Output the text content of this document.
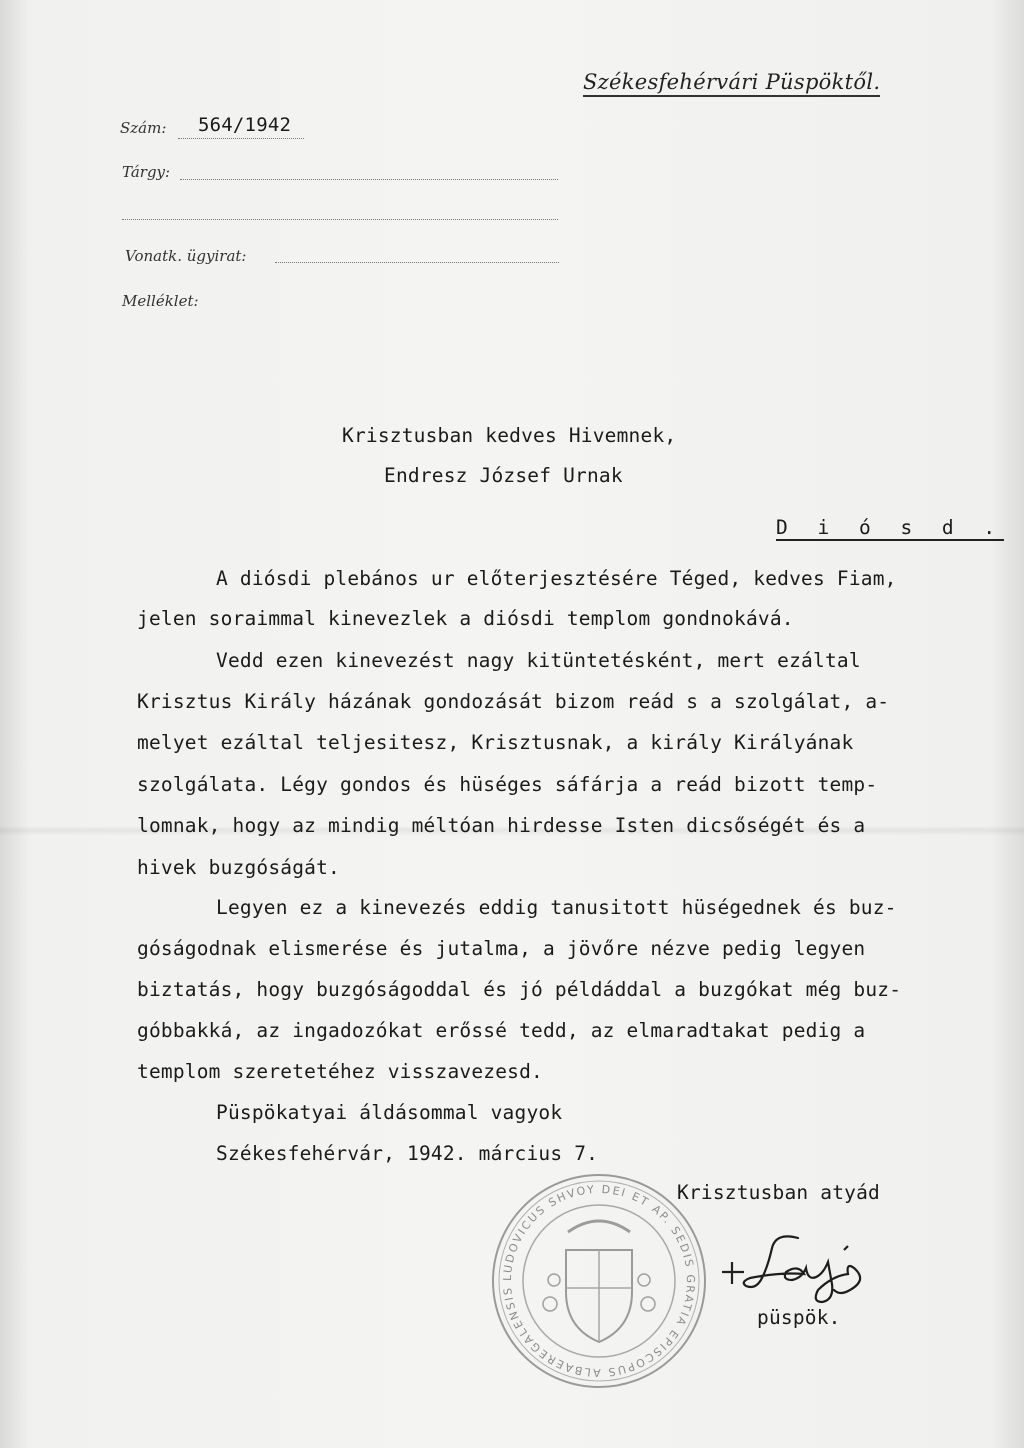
Székesfehérvári Püspöktől.
Szám: 564/1942
Tárgy:
Vonatk. ügyirat:
Melléklet:
Krisztusban kedves Hivemnek,
Endresz József Urnak
D i ó s d .
A diósdi plebános ur előterjesztésére Téged, kedves Fiam,
jelen soraimmal kinevezlek a diósdi templom gondnokává.
Vedd ezen kinevezést nagy kitüntetésként, mert ezáltal
Krisztus Király házának gondozását bizom reád s a szolgálat, a-
melyet ezáltal teljesitesz, Krisztusnak, a király Királyának
szolgálata. Légy gondos és hüséges sáfárja a reád bizott temp-
lomnak, hogy az mindig méltóan hirdesse Isten dicsőségét és a
hivek buzgóságát.
Legyen ez a kinevezés eddig tanusitott hüségednek és buz-
góságodnak elismerése és jutalma, a jövőre nézve pedig legyen
biztatás, hogy buzgóságoddal és jó példáddal a buzgókat még buz-
góbbakká, az ingadozókat erőssé tedd, az elmaradtakat pedig a
templom szeretetéhez visszavezesd.
Püspökatyai áldásommal vagyok
Székesfehérvár, 1942. március 7.
Krisztusban atyád
püspök.
LUDOVICUS SHVOY DEI ET AP. SEDIS GRATIA EPISCOPUS ALBAEREGALENSIS
